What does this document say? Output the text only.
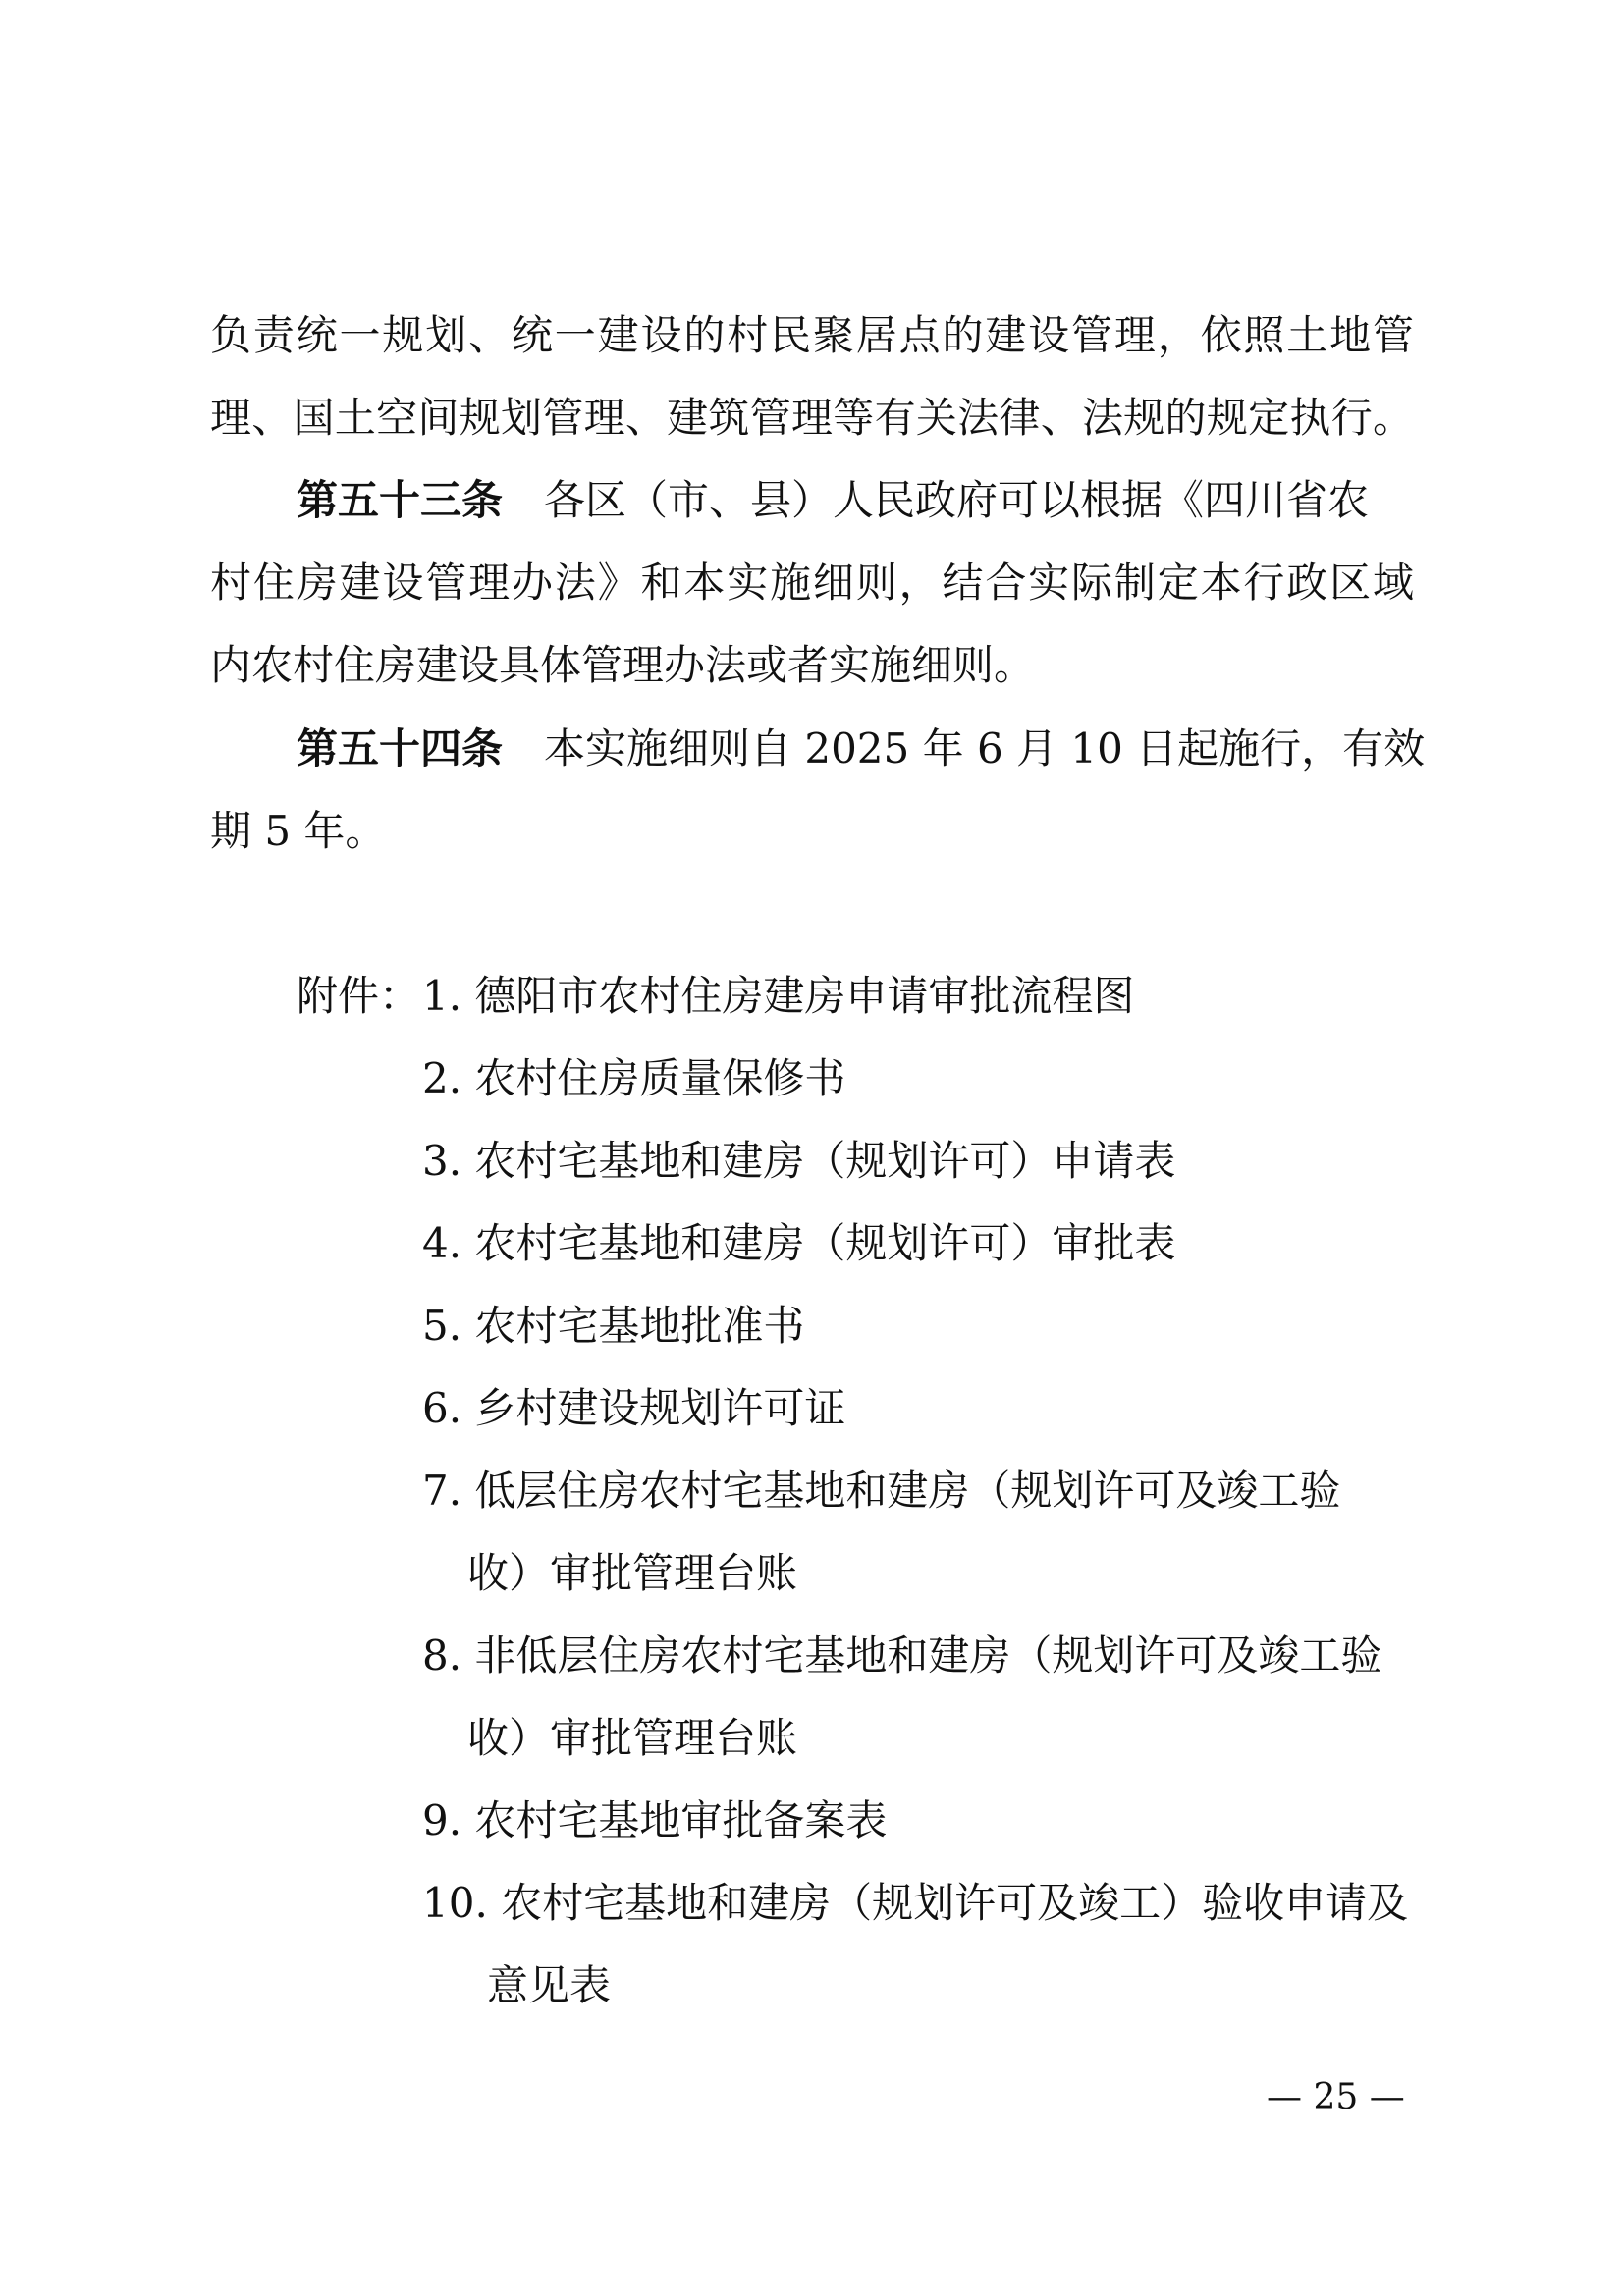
负责统一规划、统一建设的村民聚居点的建设管理，依照土地管
理、国土空间规划管理、建筑管理等有关法律、法规的规定执行。
第五十三条 各区（市、县）人民政府可以根据《四川省农
村住房建设管理办法》和本实施细则，结合实际制定本行政区域
内农村住房建设具体管理办法或者实施细则。
第五十四条 本实施细则自 2025 年 6 月 10 日起施行，有效
期 5 年。
附件： 1. 德阳市农村住房建房申请审批流程图
2. 农村住房质量保修书
3. 农村宅基地和建房（规划许可）申请表
4. 农村宅基地和建房（规划许可）审批表
5. 农村宅基地批准书
6. 乡村建设规划许可证
7. 低层住房农村宅基地和建房（规划许可及竣工验
收）审批管理台账
8. 非低层住房农村宅基地和建房（规划许可及竣工验
收）审批管理台账
9. 农村宅基地审批备案表
10. 农村宅基地和建房（规划许可及竣工）验收申请及
意见表
— 25 —
